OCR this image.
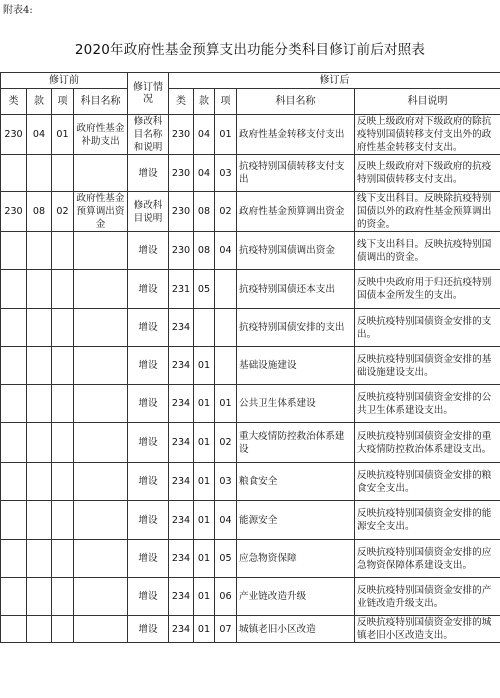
附表4:
2020年政府性基金预算支出功能分类科目修订前后对照表
修订前				修订情况	修订后				
类	款	项	科目名称		类	款	项	科目名称	科目说明
230	04	01	政府性基金补助支出	修改科目名称和说明	230	04	01	政府性基金转移支付支出	反映上级政府对下级政府的除抗疫特别国债转移支付支出外的政府性基金转移支付支出。
				增设	230	04	03	抗疫特别国债转移支付支出	反映上级政府对下级政府的抗疫特别国债转移支付支出。
230	08	02	政府性基金预算调出资金	修改科目说明	230	08	02	政府性基金预算调出资金	线下支出科目。反映除抗疫特别国债以外的政府性基金预算调出的资金。
				增设	230	08	04	抗疫特别国债调出资金	线下支出科目。反映抗疫特别国债调出的资金。
				增设	231	05		抗疫特别国债还本支出	反映中央政府用于归还抗疫特别国债本金所发生的支出。
				增设	234			抗疫特别国债安排的支出	反映抗疫特别国债资金安排的支出。
				增设	234	01		基础设施建设	反映抗疫特别国债资金安排的基础设施建设支出。
				增设	234	01	01	公共卫生体系建设	反映抗疫特别国债资金安排的公共卫生体系建设支出。
				增设	234	01	02	重大疫情防控救治体系建设	反映抗疫特别国债资金安排的重大疫情防控救治体系建设支出。
				增设	234	01	03	粮食安全	反映抗疫特别国债资金安排的粮食安全支出。
				增设	234	01	04	能源安全	反映抗疫特别国债资金安排的能源安全支出。
				增设	234	01	05	应急物资保障	反映抗疫特别国债资金安排的应急物资保障体系建设支出。
				增设	234	01	06	产业链改造升级	反映抗疫特别国债资金安排的产业链改造升级支出。
				增设	234	01	07	城镇老旧小区改造	反映抗疫特别国债资金安排的城镇老旧小区改造支出。
